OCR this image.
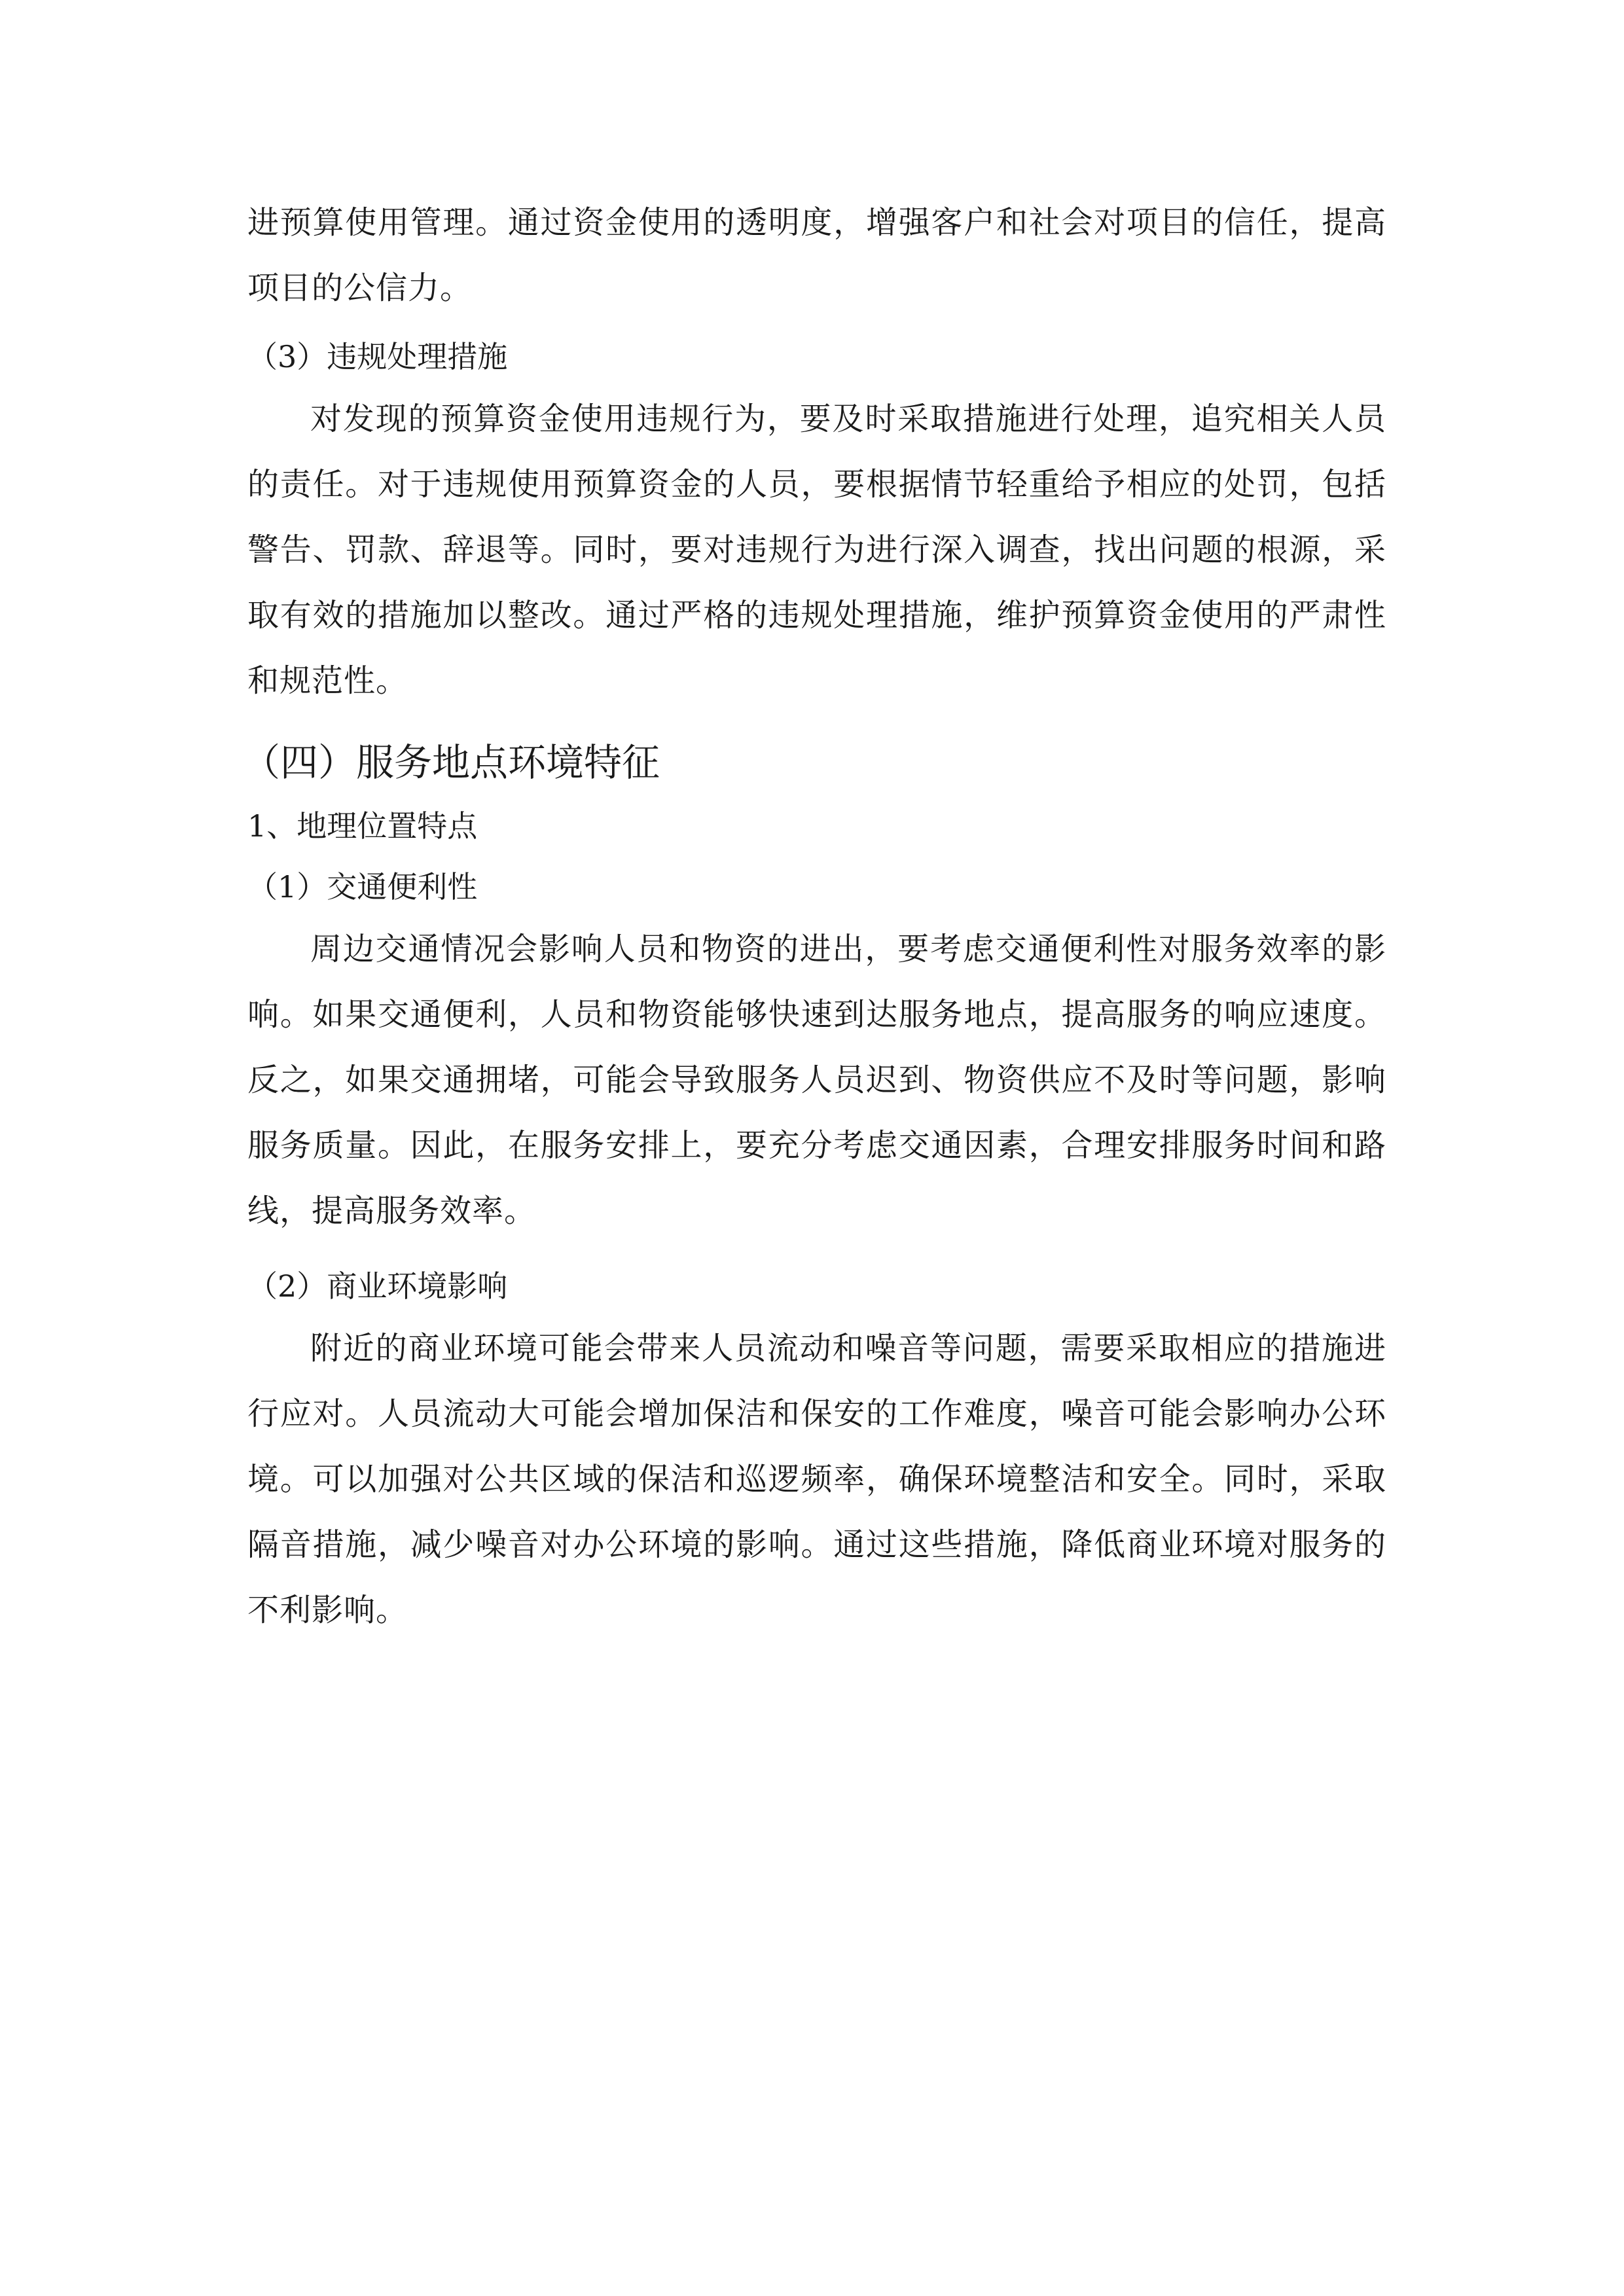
进预算使用管理。通过资金使用的透明度，增强客户和社会对项目的信任，提高项目的公信力。

（3）违规处理措施

对发现的预算资金使用违规行为，要及时采取措施进行处理，追究相关人员的责任。对于违规使用预算资金的人员，要根据情节轻重给予相应的处罚，包括警告、罚款、辞退等。同时，要对违规行为进行深入调查，找出问题的根源，采取有效的措施加以整改。通过严格的违规处理措施，维护预算资金使用的严肃性和规范性。

（四）服务地点环境特征

1、地理位置特点

（1）交通便利性

周边交通情况会影响人员和物资的进出，要考虑交通便利性对服务效率的影响。如果交通便利，人员和物资能够快速到达服务地点，提高服务的响应速度。反之，如果交通拥堵，可能会导致服务人员迟到、物资供应不及时等问题，影响服务质量。因此，在服务安排上，要充分考虑交通因素，合理安排服务时间和路线，提高服务效率。

（2）商业环境影响

附近的商业环境可能会带来人员流动和噪音等问题，需要采取相应的措施进行应对。人员流动大可能会增加保洁和保安的工作难度，噪音可能会影响办公环境。可以加强对公共区域的保洁和巡逻频率，确保环境整洁和安全。同时，采取隔音措施，减少噪音对办公环境的影响。通过这些措施，降低商业环境对服务的不利影响。
